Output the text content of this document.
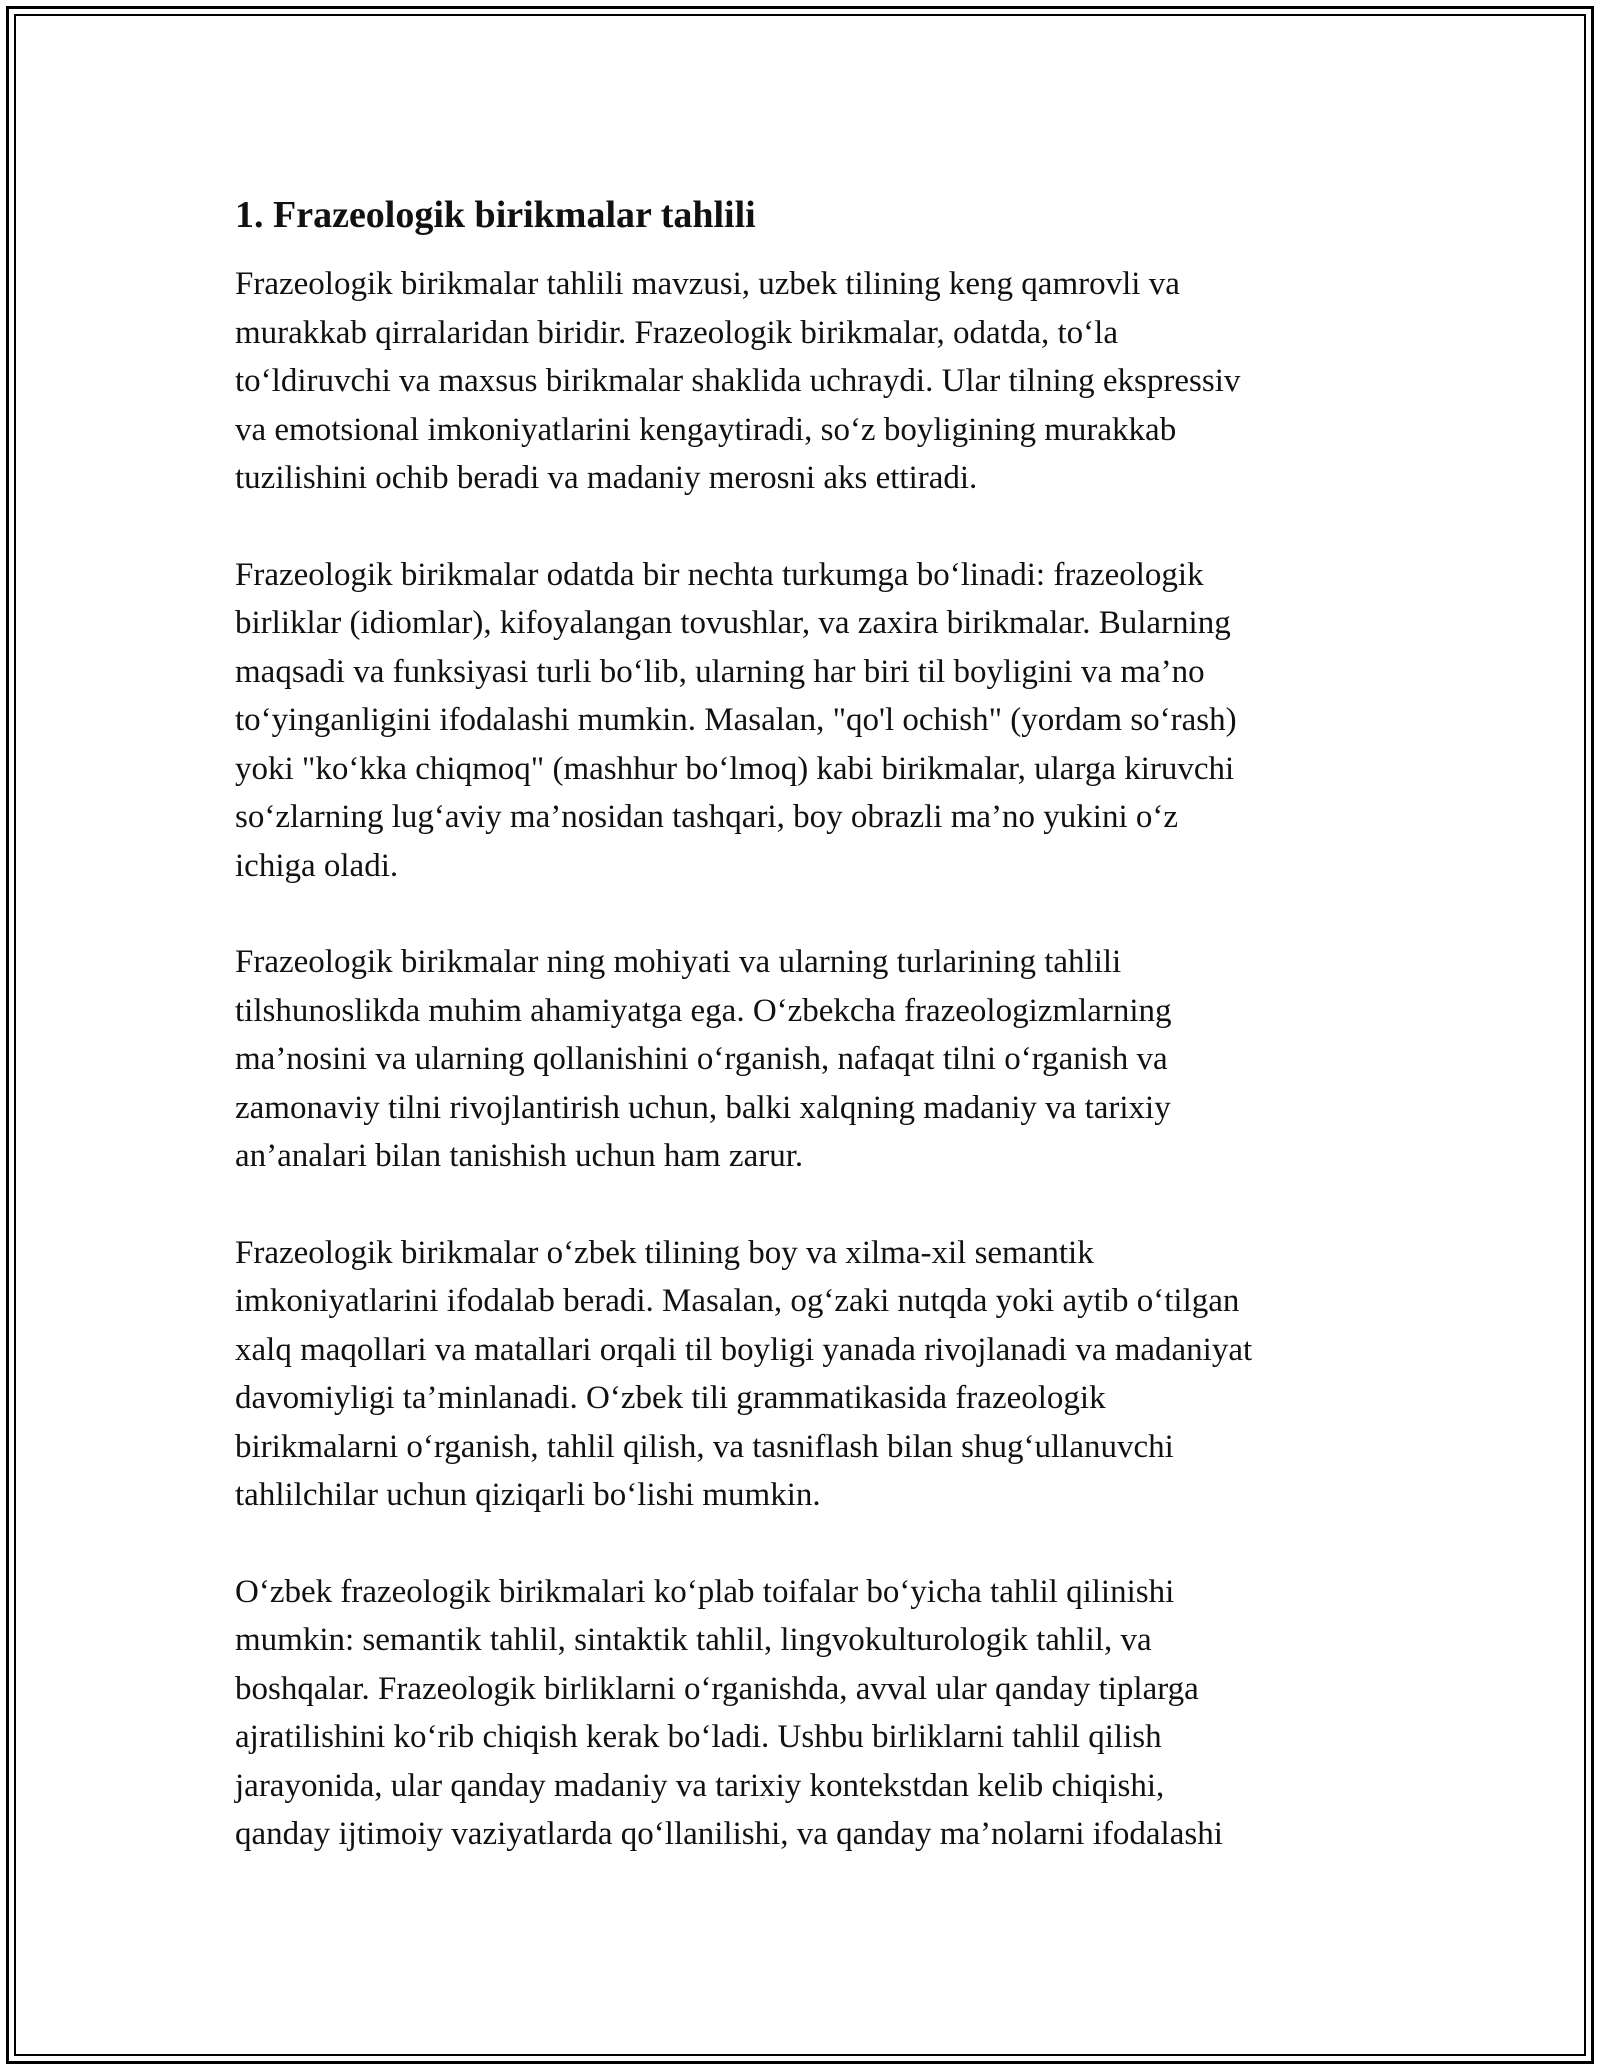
1. Frazeologik birikmalar tahlili
Frazeologik birikmalar tahlili mavzusi, uzbek tilining keng qamrovli va
murakkab qirralaridan biridir. Frazeologik birikmalar, odatda, to‘la
to‘ldiruvchi va maxsus birikmalar shaklida uchraydi. Ular tilning ekspressiv
va emotsional imkoniyatlarini kengaytiradi, so‘z boyligining murakkab
tuzilishini ochib beradi va madaniy merosni aks ettiradi.
Frazeologik birikmalar odatda bir nechta turkumga bo‘linadi: frazeologik
birliklar (idiomlar), kifoyalangan tovushlar, va zaxira birikmalar. Bularning
maqsadi va funksiyasi turli bo‘lib, ularning har biri til boyligini va ma’no
to‘yinganligini ifodalashi mumkin. Masalan, "qo'l ochish" (yordam so‘rash)
yoki "ko‘kka chiqmoq" (mashhur bo‘lmoq) kabi birikmalar, ularga kiruvchi
so‘zlarning lug‘aviy ma’nosidan tashqari, boy obrazli ma’no yukini o‘z
ichiga oladi.
Frazeologik birikmalar ning mohiyati va ularning turlarining tahlili
tilshunoslikda muhim ahamiyatga ega. O‘zbekcha frazeologizmlarning
ma’nosini va ularning qollanishini o‘rganish, nafaqat tilni o‘rganish va
zamonaviy tilni rivojlantirish uchun, balki xalqning madaniy va tarixiy
an’analari bilan tanishish uchun ham zarur.
Frazeologik birikmalar o‘zbek tilining boy va xilma-xil semantik
imkoniyatlarini ifodalab beradi. Masalan, og‘zaki nutqda yoki aytib o‘tilgan
xalq maqollari va matallari orqali til boyligi yanada rivojlanadi va madaniyat
davomiyligi ta’minlanadi. O‘zbek tili grammatikasida frazeologik
birikmalarni o‘rganish, tahlil qilish, va tasniflash bilan shug‘ullanuvchi
tahlilchilar uchun qiziqarli bo‘lishi mumkin.
O‘zbek frazeologik birikmalari ko‘plab toifalar bo‘yicha tahlil qilinishi
mumkin: semantik tahlil, sintaktik tahlil, lingvokulturologik tahlil, va
boshqalar. Frazeologik birliklarni o‘rganishda, avval ular qanday tiplarga
ajratilishini ko‘rib chiqish kerak bo‘ladi. Ushbu birliklarni tahlil qilish
jarayonida, ular qanday madaniy va tarixiy kontekstdan kelib chiqishi,
qanday ijtimoiy vaziyatlarda qo‘llanilishi, va qanday ma’nolarni ifodalashi
